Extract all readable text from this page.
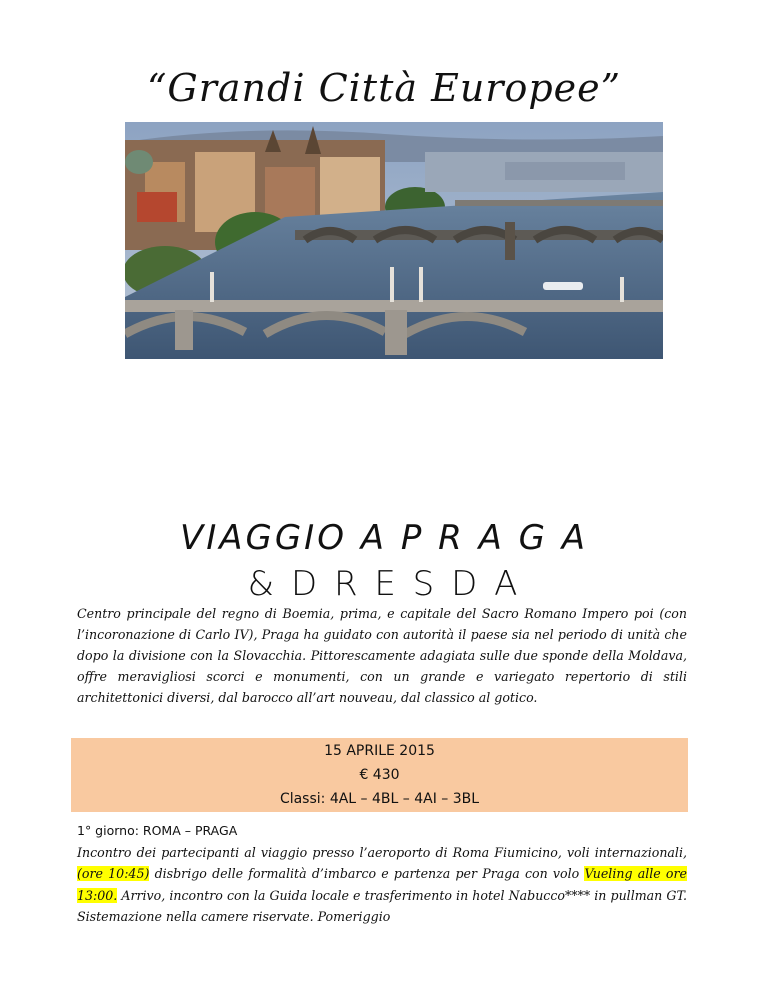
“Grandi Città Europee”
VIAGGIO A P R A G A
& D R E S D A
Centro principale del regno di Boemia, prima, e capitale del Sacro Romano Impero poi (con l’incoronazione di Carlo IV), Praga ha guidato con autorità il paese sia nel periodo di unità che dopo la divisione con la Slovacchia. Pittorescamente adagiata sulle due sponde della Moldava, offre meravigliosi scorci e monumenti, con un grande e variegato repertorio di stili architettonici diversi, dal barocco all’art nouveau, dal classico al gotico.
15 APRILE 2015
€ 430
Classi: 4AL – 4BL – 4AI – 3BL
1° giorno: ROMA – PRAGA
Incontro dei partecipanti al viaggio presso l’aeroporto di Roma Fiumicino, voli internazionali, (ore 10:45) disbrigo delle formalità d’imbarco e partenza per Praga con volo Vueling alle ore 13:00. Arrivo, incontro con la Guida locale e trasferimento in hotel Nabucco**** in pullman GT. Sistemazione nella camere riservate. Pomeriggio
